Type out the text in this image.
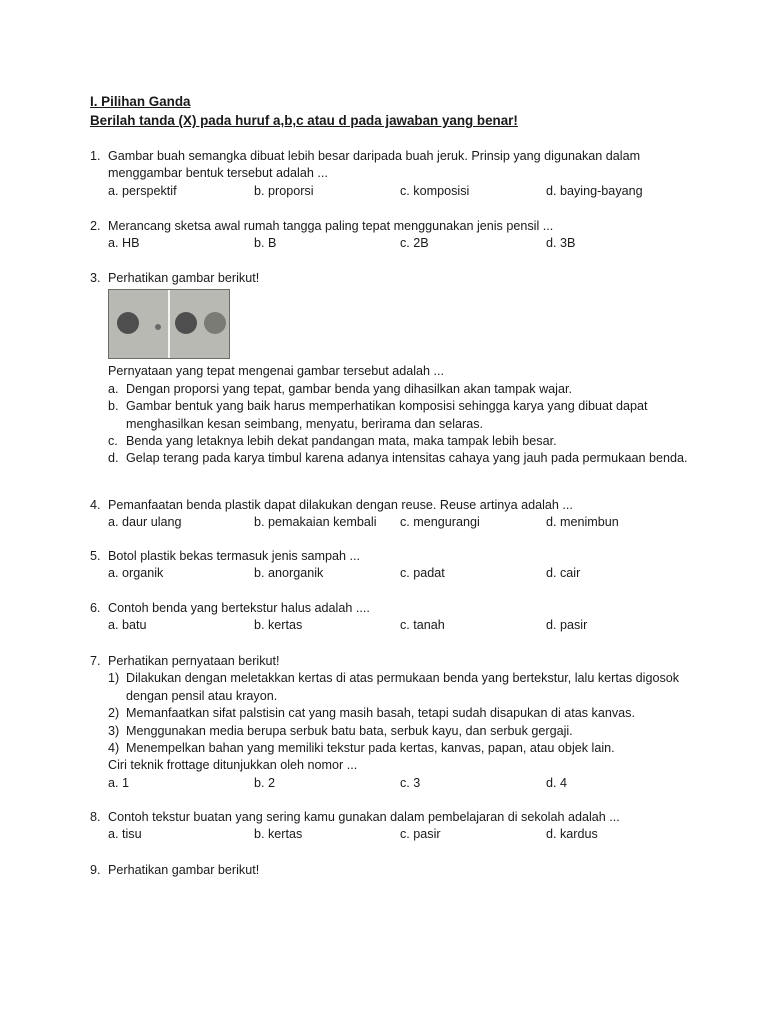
I. Pilihan Ganda
Berilah tanda (X) pada huruf a,b,c atau d pada jawaban yang benar!
1. Gambar buah semangka dibuat lebih besar daripada buah jeruk. Prinsip yang digunakan dalam menggambar bentuk tersebut adalah ...
a. perspektif	b. proporsi	c. komposisi	d. baying-bayang
2. Merancang sketsa awal rumah tangga paling tepat menggunakan jenis pensil ...
a. HB	b. B	c. 2B	d. 3B
3. Perhatikan gambar berikut!
Pernyataan yang tepat mengenai gambar tersebut adalah ...
a. Dengan proporsi yang tepat, gambar benda yang dihasilkan akan tampak wajar.
b. Gambar bentuk yang baik harus memperhatikan komposisi sehingga karya yang dibuat dapat menghasilkan kesan seimbang, menyatu, berirama dan selaras.
c. Benda yang letaknya lebih dekat pandangan mata, maka tampak lebih besar.
d. Gelap terang pada karya timbul karena adanya intensitas cahaya yang jauh pada permukaan benda.
4. Pemanfaatan benda plastik dapat dilakukan dengan reuse. Reuse artinya adalah ...
a. daur ulang	b. pemakaian kembali	c. mengurangi	d. menimbun
5. Botol plastik bekas termasuk jenis sampah ...
a. organik	b. anorganik	c. padat	d. cair
6. Contoh benda yang bertekstur halus adalah ....
a. batu	b. kertas	c. tanah	d. pasir
7. Perhatikan pernyataan berikut!
1) Dilakukan dengan meletakkan kertas di atas permukaan benda yang bertekstur, lalu kertas digosok dengan pensil atau krayon.
2) Memanfaatkan sifat palstisin cat yang masih basah, tetapi sudah disapukan di atas kanvas.
3) Menggunakan media berupa serbuk batu bata, serbuk kayu, dan serbuk gergaji.
4) Menempelkan bahan yang memiliki tekstur pada kertas, kanvas, papan, atau objek lain.
Ciri teknik frottage ditunjukkan oleh nomor ...
a. 1	b. 2	c. 3	d. 4
8. Contoh tekstur buatan yang sering kamu gunakan dalam pembelajaran di sekolah adalah ...
a. tisu	b. kertas	c. pasir	d. kardus
9. Perhatikan gambar berikut!
